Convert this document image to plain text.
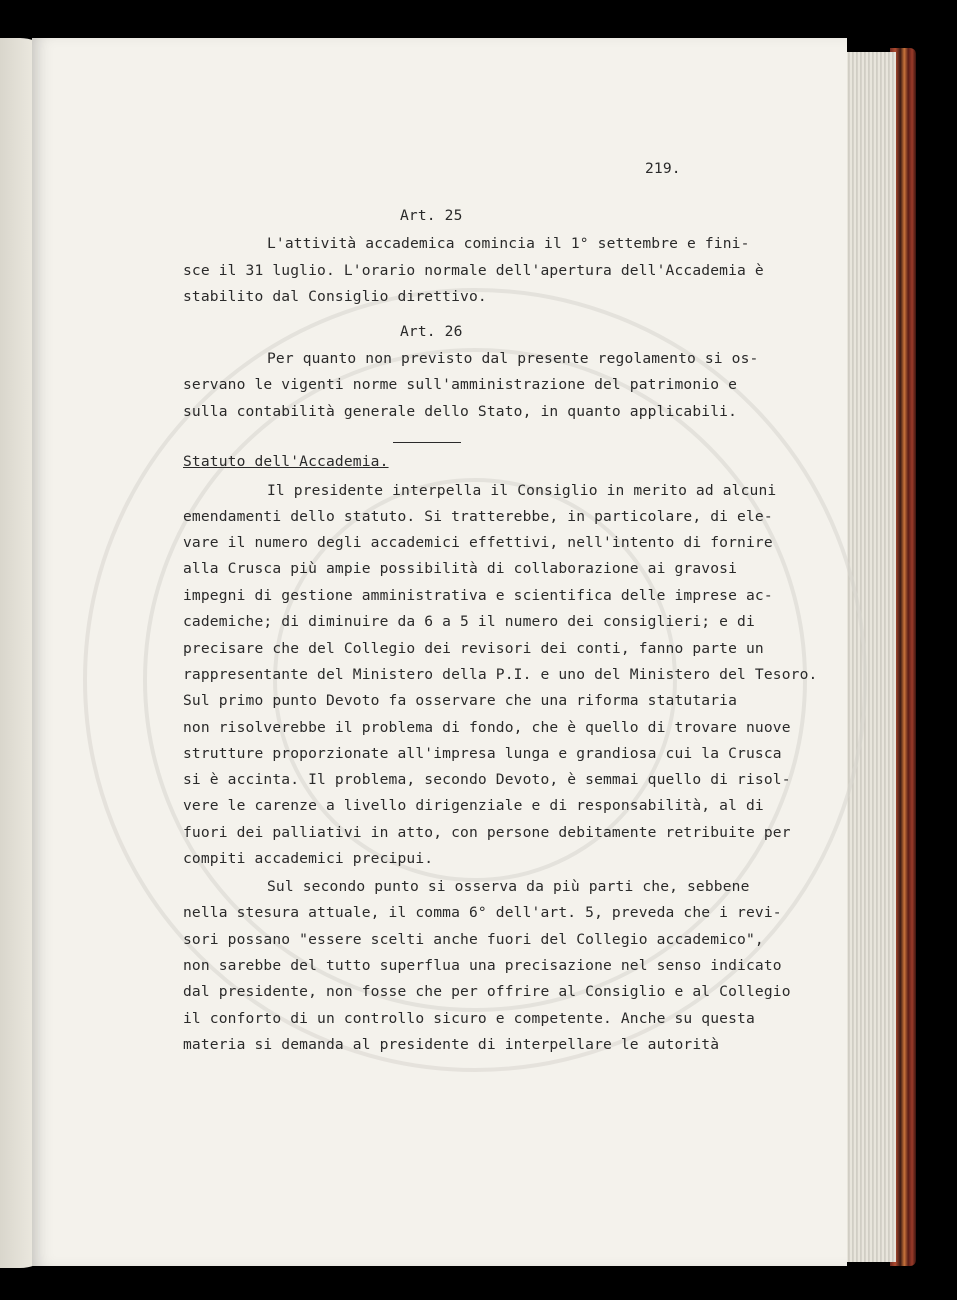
219.
Art. 25
L'attività accademica comincia il 1° settembre e fini-
sce il 31 luglio. L'orario normale dell'apertura dell'Accademia è
stabilito dal Consiglio direttivo.
Art. 26
Per quanto non previsto dal presente regolamento si os-
servano le vigenti norme sull'amministrazione del patrimonio e
sulla contabilità generale dello Stato, in quanto applicabili.
Statuto dell'Accademia.
Il presidente interpella il Consiglio in merito ad alcuni
emendamenti dello statuto. Si tratterebbe, in particolare, di ele-
vare il numero degli accademici effettivi, nell'intento di fornire
alla Crusca più ampie possibilità di collaborazione ai gravosi
impegni di gestione amministrativa e scientifica delle imprese ac-
cademiche; di diminuire da 6 a 5 il numero dei consiglieri; e di
precisare che del Collegio dei revisori dei conti, fanno parte un
rappresentante del Ministero della P.I. e uno del Ministero del Tesoro.
Sul primo punto Devoto fa osservare che una riforma statutaria
non risolverebbe il problema di fondo, che è quello di trovare nuove
strutture proporzionate all'impresa lunga e grandiosa cui la Crusca
si è accinta. Il problema, secondo Devoto, è semmai quello di risol-
vere le carenze a livello dirigenziale e di responsabilità, al di
fuori dei palliativi in atto, con persone debitamente retribuite per
compiti accademici precipui.
Sul secondo punto si osserva da più parti che, sebbene
nella stesura attuale, il comma 6° dell'art. 5, preveda che i revi-
sori possano "essere scelti anche fuori del Collegio accademico",
non sarebbe del tutto superflua una precisazione nel senso indicato
dal presidente, non fosse che per offrire al Consiglio e al Collegio
il conforto di un controllo sicuro e competente. Anche su questa
materia si demanda al presidente di interpellare le autorità
